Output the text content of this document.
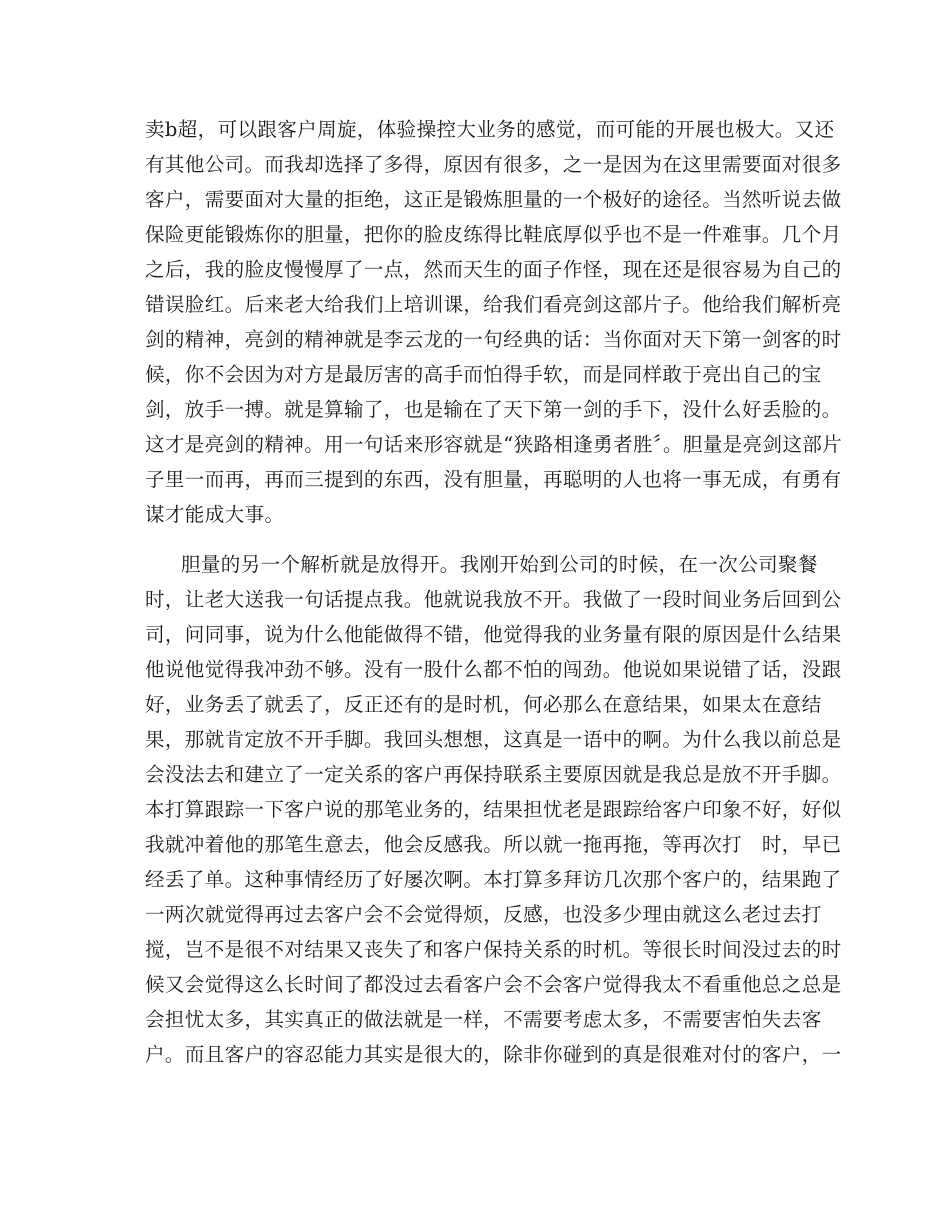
卖b超，可以跟客户周旋，体验操控大业务的感觉，而可能的开展也极大。又还
有其他公司。而我却选择了多得，原因有很多，之一是因为在这里需要面对很多
客户，需要面对大量的拒绝，这正是锻炼胆量的一个极好的途径。当然听说去做
保险更能锻炼你的胆量，把你的脸皮练得比鞋底厚似乎也不是一件难事。几个月
之后，我的脸皮慢慢厚了一点，然而天生的面子作怪，现在还是很容易为自己的
错误脸红。后来老大给我们上培训课，给我们看亮剑这部片子。他给我们解析亮
剑的精神，亮剑的精神就是李云龙的一句经典的话：当你面对天下第一剑客的时
候，你不会因为对方是最厉害的高手而怕得手软，而是同样敢于亮出自己的宝
剑，放手一搏。就是算输了，也是输在了天下第一剑的手下，没什么好丢脸的。
这才是亮剑的精神。用一句话来形容就是“狭路相逢勇者胜〞。胆量是亮剑这部片
子里一而再，再而三提到的东西，没有胆量，再聪明的人也将一事无成，有勇有
谋才能成大事。
胆量的另一个解析就是放得开。我刚开始到公司的时候，在一次公司聚餐
时，让老大送我一句话提点我。他就说我放不开。我做了一段时间业务后回到公
司，问同事，说为什么他能做得不错，他觉得我的业务量有限的原因是什么结果
他说他觉得我冲劲不够。没有一股什么都不怕的闯劲。他说如果说错了话，没跟
好，业务丢了就丢了，反正还有的是时机，何必那么在意结果，如果太在意结
果，那就肯定放不开手脚。我回头想想，这真是一语中的啊。为什么我以前总是
会没法去和建立了一定关系的客户再保持联系主要原因就是我总是放不开手脚。
本打算跟踪一下客户说的那笔业务的，结果担忧老是跟踪给客户印象不好，好似
我就冲着他的那笔生意去，他会反感我。所以就一拖再拖，等再次打　时，早已
经丢了单。这种事情经历了好屡次啊。本打算多拜访几次那个客户的，结果跑了
一两次就觉得再过去客户会不会觉得烦，反感，也没多少理由就这么老过去打
搅，岂不是很不对结果又丧失了和客户保持关系的时机。等很长时间没过去的时
候又会觉得这么长时间了都没过去看客户会不会客户觉得我太不看重他总之总是
会担忧太多，其实真正的做法就是一样，不需要考虑太多，不需要害怕失去客
户。而且客户的容忍能力其实是很大的，除非你碰到的真是很难对付的客户，一
